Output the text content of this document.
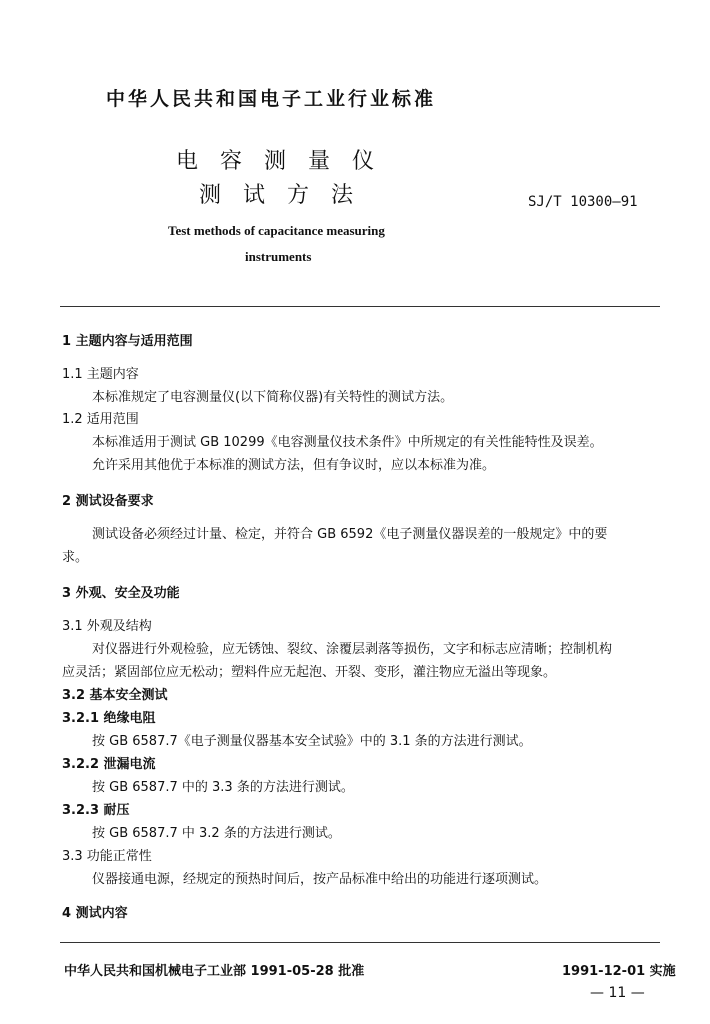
中华人民共和国电子工业行业标准
电容测量仪
测试方法	SJ/T 10300—91
Test methods of capacitance measuring
instruments
1 主题内容与适用范围
1.1 主题内容
本标准规定了电容测量仪(以下简称仪器)有关特性的测试方法。
1.2 适用范围
本标准适用于测试 GB 10299《电容测量仪技术条件》中所规定的有关性能特性及误差。
允许采用其他优于本标准的测试方法，但有争议时，应以本标准为准。
2 测试设备要求
测试设备必须经过计量、检定，并符合 GB 6592《电子测量仪器误差的一般规定》中的要
求。
3 外观、安全及功能
3.1 外观及结构
对仪器进行外观检验，应无锈蚀、裂纹、涂覆层剥落等损伤，文字和标志应清晰；控制机构
应灵活；紧固部位应无松动；塑料件应无起泡、开裂、变形，灌注物应无溢出等现象。
3.2 基本安全测试
3.2.1 绝缘电阻
按 GB 6587.7《电子测量仪器基本安全试验》中的 3.1 条的方法进行测试。
3.2.2 泄漏电流
按 GB 6587.7 中的 3.3 条的方法进行测试。
3.2.3 耐压
按 GB 6587.7 中 3.2 条的方法进行测试。
3.3 功能正常性
仪器接通电源，经规定的预热时间后，按产品标准中给出的功能进行逐项测试。
4 测试内容
中华人民共和国机械电子工业部 1991-05-28 批准	1991-12-01 实施
— 11 —
